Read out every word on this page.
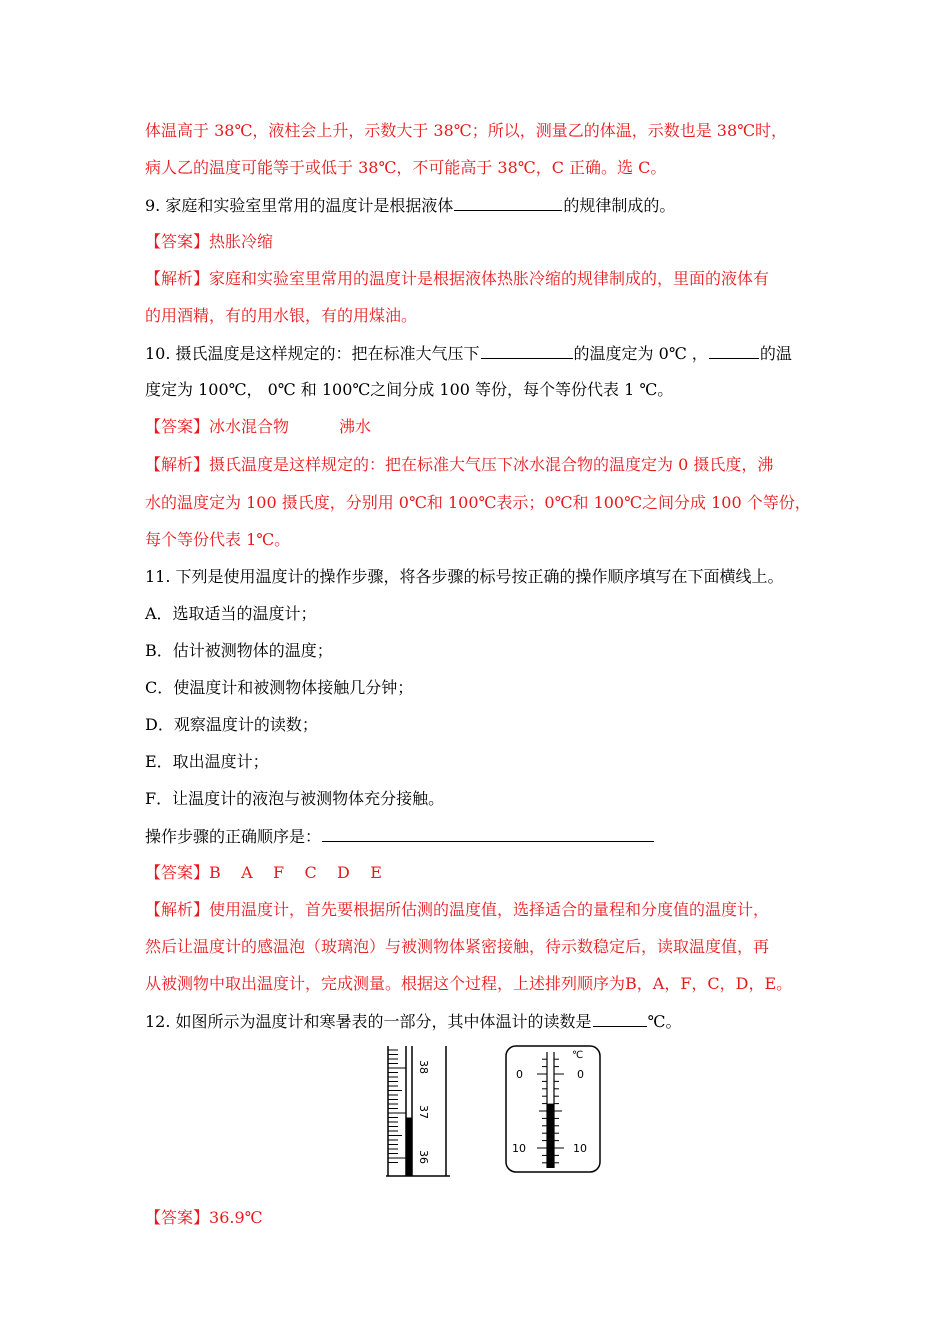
体温高于 38℃，液柱会上升，示数大于 38℃；所以，测量乙的体温，示数也是 38℃时，
病人乙的温度可能等于或低于 38℃，不可能高于 38℃，C 正确。选 C。
9. 家庭和实验室里常用的温度计是根据液体	的规律制成的。
【答案】热胀冷缩
【解析】家庭和实验室里常用的温度计是根据液体热胀冷缩的规律制成的，里面的液体有
的用酒精，有的用水银，有的用煤油。
10. 摄氏温度是这样规定的：把在标准大气压下	的温度定为 0℃ ，	的温
度定为 100℃， 0℃ 和 100℃之间分成 100 等份，每个等份代表 1 ℃。
【答案】冰水混合物	沸水
【解析】摄氏温度是这样规定的：把在标准大气压下冰水混合物的温度定为 0 摄氏度，沸
水的温度定为 100 摄氏度，分别用 0℃和 100℃表示；0℃和 100℃之间分成 100 个等份，
每个等份代表 1℃。
11. 下列是使用温度计的操作步骤，将各步骤的标号按正确的操作顺序填写在下面横线上。
A．选取适当的温度计；
B．估计被测物体的温度；
C．使温度计和被测物体接触几分钟；
D．观察温度计的读数；
E．取出温度计；
F．让温度计的液泡与被测物体充分接触。
操作步骤的正确顺序是：
【答案】B    A    F    C    D    E
【解析】使用温度计，首先要根据所估测的温度值，选择适合的量程和分度值的温度计，
然后让温度计的感温泡（玻璃泡）与被测物体紧密接触，待示数稳定后，读取温度值，再
从被测物中取出温度计，完成测量。根据这个过程，上述排列顺序为B，A，F，C，D，E。
12. 如图所示为温度计和寒暑表的一部分，其中体温计的读数是	℃。
38
37
36
℃
0
10
0
10
【答案】36.9℃
